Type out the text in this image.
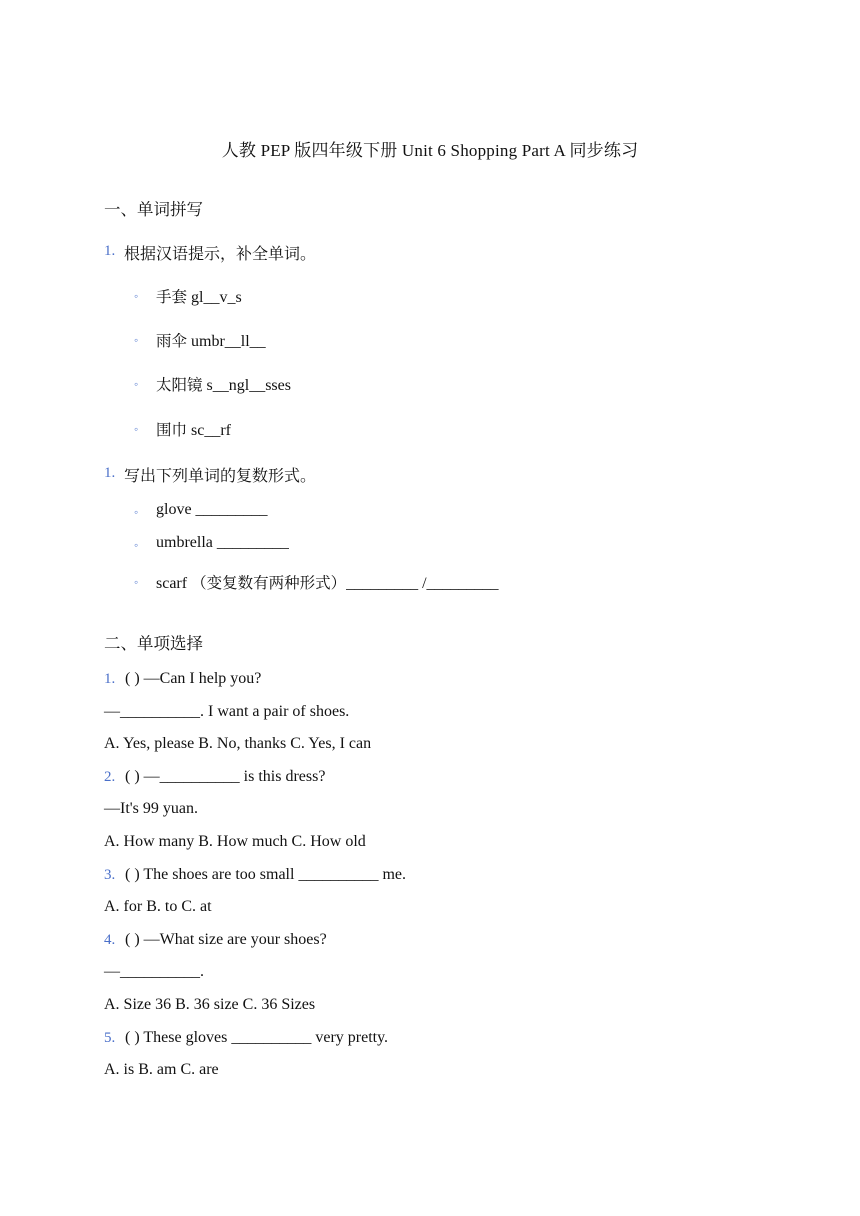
人教 PEP 版四年级下册 Unit 6 Shopping Part A 同步练习
一、单词拼写
1. 根据汉语提示，补全单词。
◦ 手套 gl__v_s
◦ 雨伞 umbr__ll__
◦ 太阳镜 s__ngl__sses
◦ 围巾 sc__rf
1. 写出下列单词的复数形式。
◦ glove _________
◦ umbrella _________
◦ scarf （变复数有两种形式）_________ /_________
二、单项选择
1. ( ) —Can I help you?
—__________. I want a pair of shoes.
A. Yes, please B. No, thanks C. Yes, I can
2. ( ) —__________ is this dress?
—It's 99 yuan.
A. How many B. How much C. How old
3. ( ) The shoes are too small __________ me.
A. for B. to C. at
4. ( ) —What size are your shoes?
—__________.
A. Size 36 B. 36 size C. 36 Sizes
5. ( ) These gloves __________ very pretty.
A. is B. am C. are
